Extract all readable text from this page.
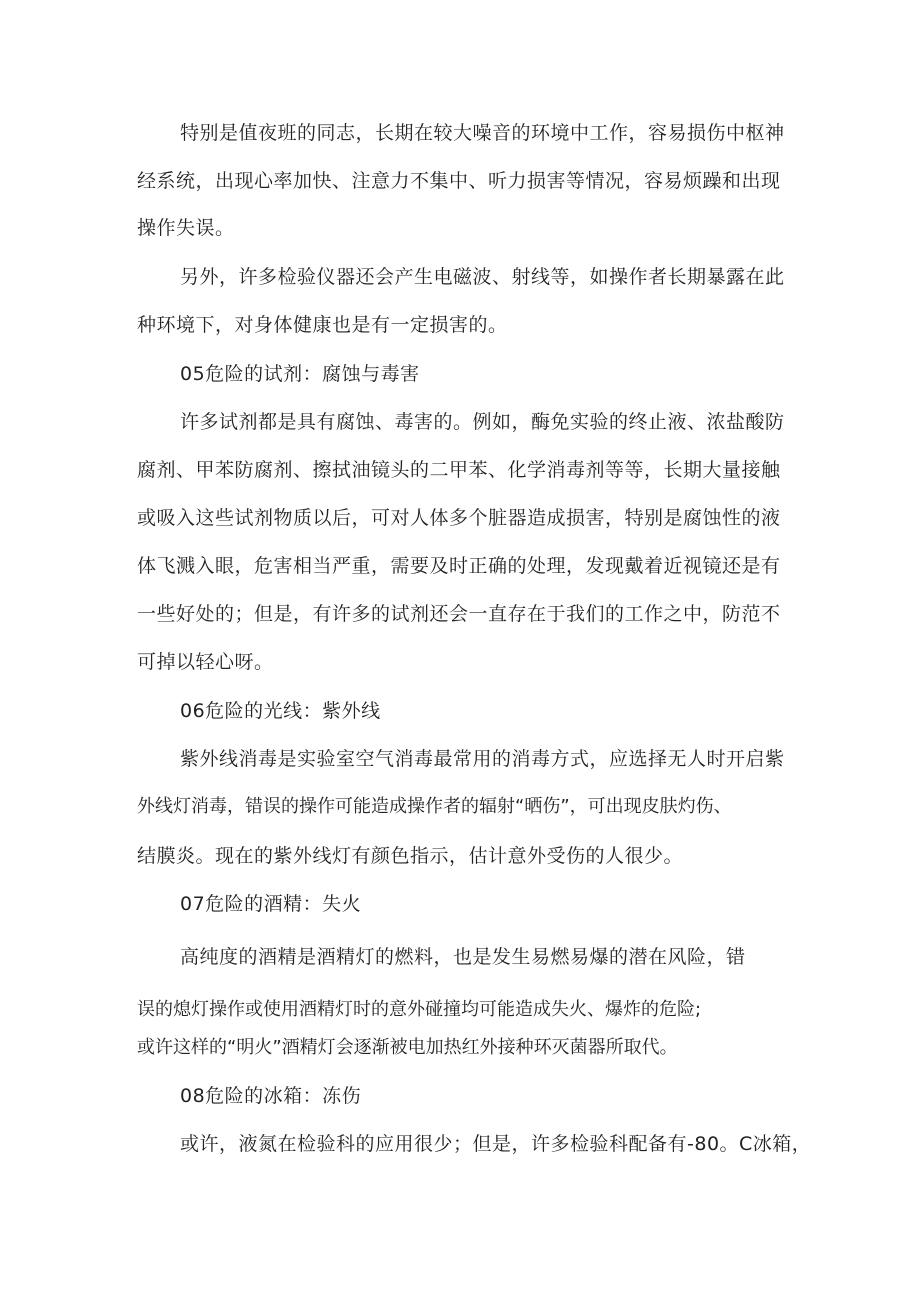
特别是值夜班的同志，长期在较大噪音的环境中工作，容易损伤中枢神
经系统，出现心率加快、注意力不集中、听力损害等情况，容易烦躁和出现
操作失误。
另外，许多检验仪器还会产生电磁波、射线等，如操作者长期暴露在此
种环境下，对身体健康也是有一定损害的。
05危险的试剂：腐蚀与毒害
许多试剂都是具有腐蚀、毒害的。例如，酶免实验的终止液、浓盐酸防
腐剂、甲苯防腐剂、擦拭油镜头的二甲苯、化学消毒剂等等，长期大量接触
或吸入这些试剂物质以后，可对人体多个脏器造成损害，特别是腐蚀性的液
体飞溅入眼，危害相当严重，需要及时正确的处理，发现戴着近视镜还是有
一些好处的；但是，有许多的试剂还会一直存在于我们的工作之中，防范不
可掉以轻心呀。
06危险的光线：紫外线
紫外线消毒是实验室空气消毒最常用的消毒方式，应选择无人时开启紫
外线灯消毒，错误的操作可能造成操作者的辐射“晒伤”，可出现皮肤灼伤、
结膜炎。现在的紫外线灯有颜色指示，估计意外受伤的人很少。
07危险的酒精：失火
高纯度的酒精是酒精灯的燃料，也是发生易燃易爆的潜在风险，错
误的熄灯操作或使用酒精灯时的意外碰撞均可能造成失火、爆炸的危险;
或许这样的“明火”酒精灯会逐渐被电加热红外接种环灭菌器所取代。
08危险的冰箱：冻伤
或许，液氮在检验科的应用很少；但是，许多检验科配备有-80。C冰箱，
